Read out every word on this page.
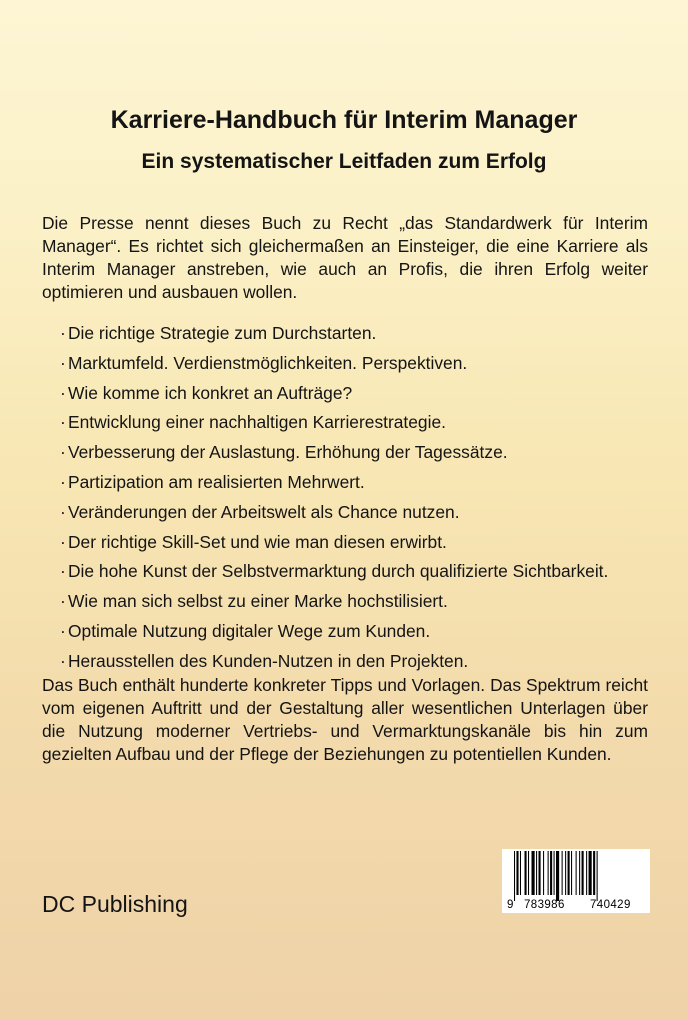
Karriere-Handbuch für Interim Manager
Ein systematischer Leitfaden zum Erfolg
Die Presse nennt dieses Buch zu Recht „das Standardwerk für Interim Manager“. Es richtet sich gleichermaßen an Einsteiger, die eine Karriere als Interim Manager anstreben, wie auch an Profis, die ihren Erfolg weiter optimieren und ausbauen wollen.
· Die richtige Strategie zum Durchstarten.
· Marktumfeld. Verdienstmöglichkeiten. Perspektiven.
· Wie komme ich konkret an Aufträge?
· Entwicklung einer nachhaltigen Karrierestrategie.
· Verbesserung der Auslastung. Erhöhung der Tagessätze.
· Partizipation am realisierten Mehrwert.
· Veränderungen der Arbeitswelt als Chance nutzen.
· Der richtige Skill-Set und wie man diesen erwirbt.
· Die hohe Kunst der Selbstvermarktung durch qualifizierte Sichtbarkeit.
· Wie man sich selbst zu einer Marke hochstilisiert.
· Optimale Nutzung digitaler Wege zum Kunden.
· Herausstellen des Kunden-Nutzen in den Projekten.
Das Buch enthält hunderte konkreter Tipps und Vorlagen. Das Spektrum reicht vom eigenen Auftritt und der Gestaltung aller wesentlichen Unterlagen über die Nutzung moderner Vertriebs- und Vermarktungskanäle bis hin zum gezielten Aufbau und der Pflege der Beziehungen zu potentiellen Kunden.
DC Publishing	9 783986 740429
